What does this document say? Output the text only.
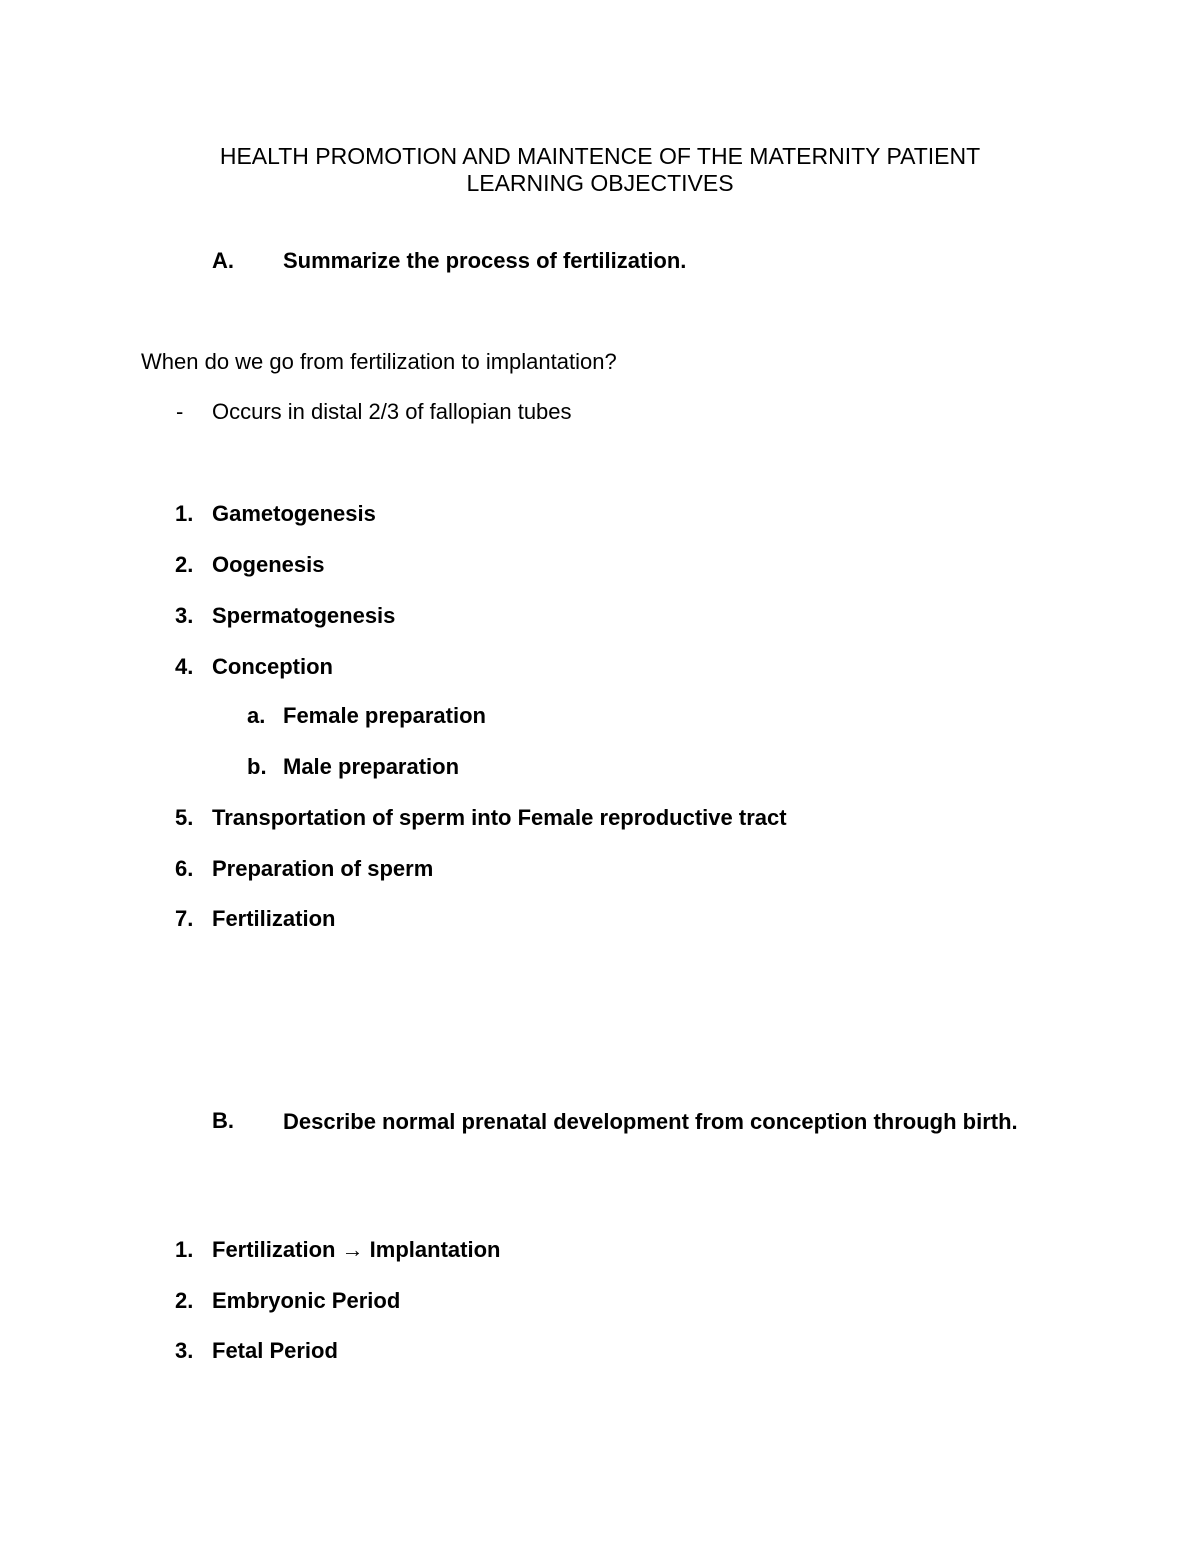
HEALTH PROMOTION AND MAINTENCE OF THE MATERNITY PATIENT
LEARNING OBJECTIVES
A. Summarize the process of fertilization.
When do we go from fertilization to implantation?
- Occurs in distal 2/3 of fallopian tubes
1. Gametogenesis
2. Oogenesis
3. Spermatogenesis
4. Conception
a. Female preparation
b. Male preparation
5. Transportation of sperm into Female reproductive tract
6. Preparation of sperm
7. Fertilization
B. Describe normal prenatal development from conception through birth.
1. Fertilization → Implantation
2. Embryonic Period
3. Fetal Period
